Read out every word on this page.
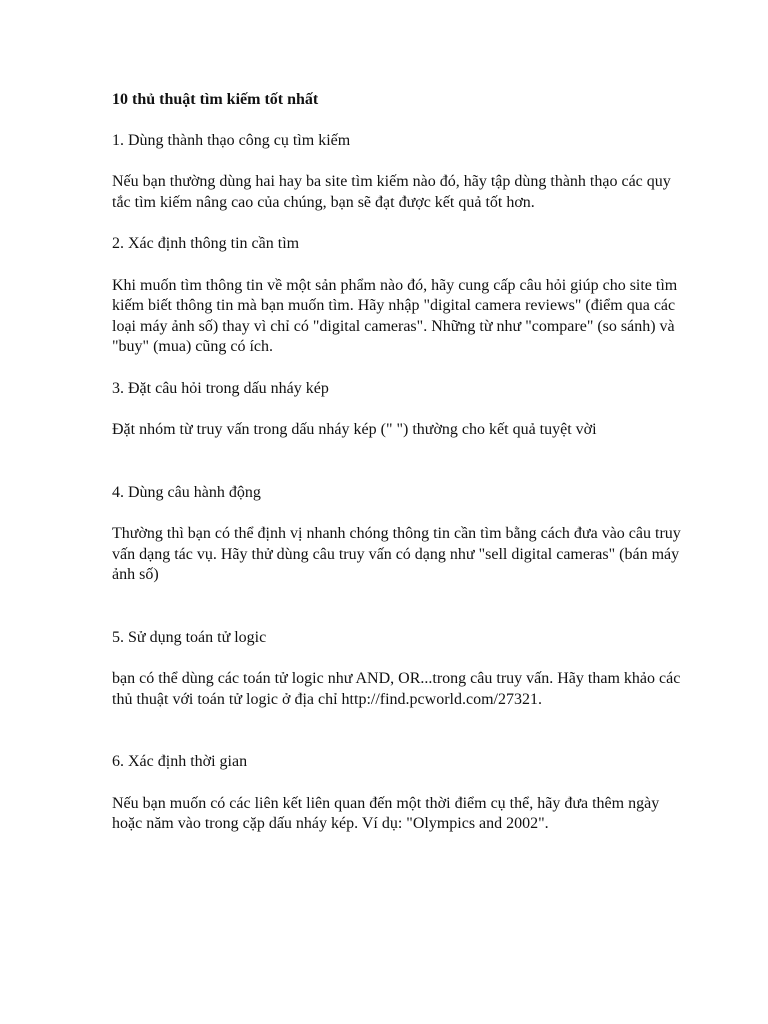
10 thủ thuật tìm kiếm tốt nhất

1. Dùng thành thạo công cụ tìm kiếm

Nếu bạn thường dùng hai hay ba site tìm kiếm nào đó, hãy tập dùng thành thạo các quy tắc tìm kiếm nâng cao của chúng, bạn sẽ đạt được kết quả tốt hơn.

2. Xác định thông tin cần tìm

Khi muốn tìm thông tin về một sản phẩm nào đó, hãy cung cấp câu hỏi giúp cho site tìm kiếm biết thông tin mà bạn muốn tìm. Hãy nhập "digital camera reviews" (điểm qua các loại máy ảnh số) thay vì chỉ có "digital cameras". Những từ như "compare" (so sánh) và "buy" (mua) cũng có ích.

3. Đặt câu hỏi trong dấu nháy kép

Đặt nhóm từ truy vấn trong dấu nháy kép (" ") thường cho kết quả tuyệt vời

4. Dùng câu hành động

Thường thì bạn có thể định vị nhanh chóng thông tin cần tìm bằng cách đưa vào câu truy vấn dạng tác vụ. Hãy thử dùng câu truy vấn có dạng như "sell digital cameras" (bán máy ảnh số)

5. Sử dụng toán tử logic

bạn có thể dùng các toán tử logic như AND, OR...trong câu truy vấn. Hãy tham khảo các thủ thuật với toán tử logic ở địa chỉ http://find.pcworld.com/27321.

6. Xác định thời gian

Nếu bạn muốn có các liên kết liên quan đến một thời điểm cụ thể, hãy đưa thêm ngày hoặc năm vào trong cặp dấu nháy kép. Ví dụ: "Olympics and 2002".
